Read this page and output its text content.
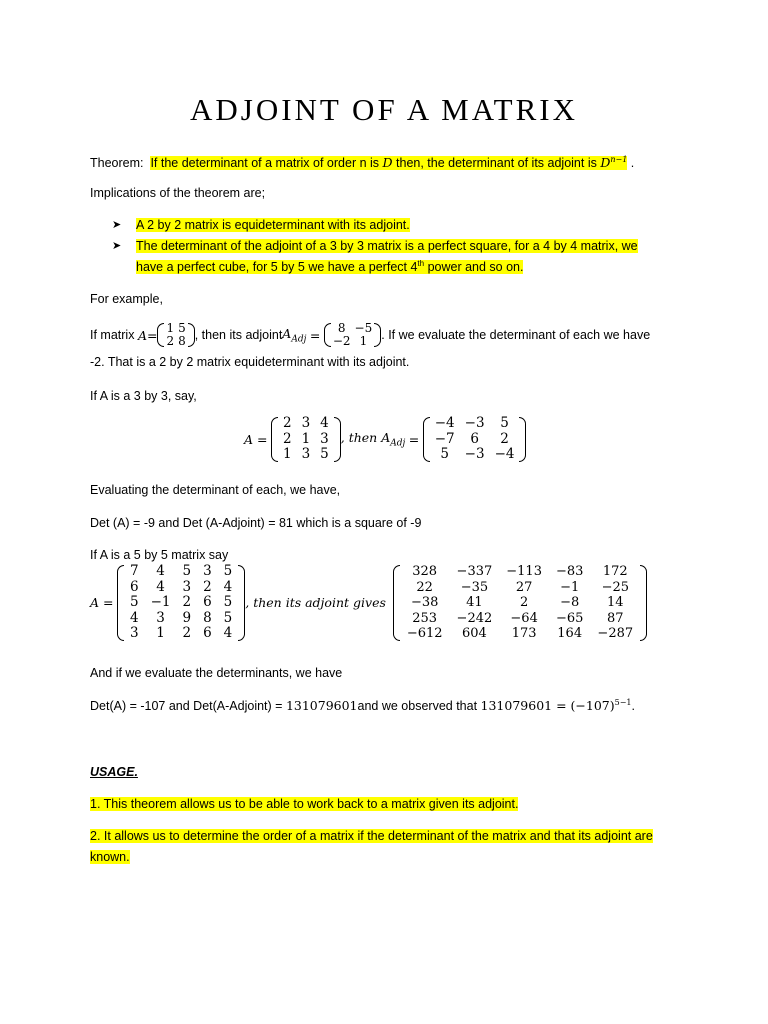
ADJOINT OF A MATRIX
Theorem: If the determinant of a matrix of order n is D then, the determinant of its adjoint is $D^{n-1}$ .
Implications of the theorem are;
➤ A 2 by 2 matrix is equideterminant with its adjoint.
➤ The determinant of the adjoint of a 3 by 3 matrix is a perfect square, for a 4 by 4 matrix, we
have a perfect cube, for 5 by 5 we have a perfect 4th power and so on.
For example,
If matrix
A= 1	5
2	8 , then its adjoint $A_{Adj}$
=
8	−5
−2	1 . If we evaluate the determinant of each we have
-2. That is a 2 by 2 matrix equideterminant with its adjoint.
If A is a 3 by 3, say,
A =

2	3	4
2	1	3
1	3	5
, then $A_{Adj}$
=

−4	−3	5
−7	6	2
5	−3	−4
Evaluating the determinant of each, we have,
Det (A) = -9 and Det (A-Adjoint) = 81 which is a square of -9
If A is a 5 by 5 matrix say
A =

7	4	5	3	5
6	4	3	2	4
5	−1	2	6	5
4	3	9	8	5
3	1	2	6	4
, then its adjoint gives

328	−337	−113	−83	172
22	−35	27	−1	−25
−38	41	2	−8	14
253	−242	−64	−65	87
−612	604	173	164	−287
And if we evaluate the determinants, we have
Det(A) = -107 and Det(A-Adjoint) = 131079601and we observed that $131079601 = (-107)^{5-1}$.
USAGE.
1. This theorem allows us to be able to work back to a matrix given its adjoint.
2. It allows us to determine the order of a matrix if the determinant of the matrix and that its adjoint are
known.
